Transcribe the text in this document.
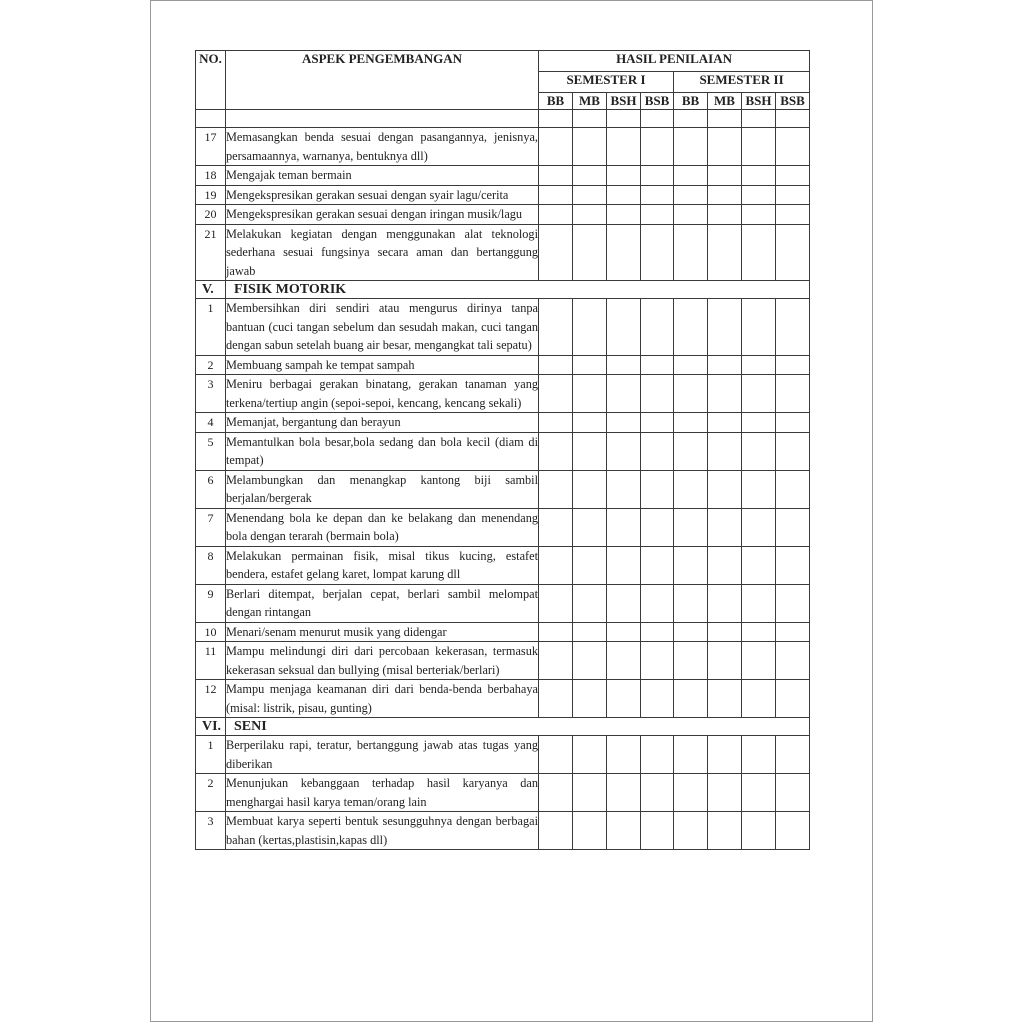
NO.	ASPEK PENGEMBANGAN	HASIL PENILAIAN							
		SEMESTER I				SEMESTER II			
		BB	MB	BSH	BSB	BB	MB	BSH	BSB

17	Memasangkan benda sesuai dengan pasangannya, jenisnya, persamaannya, warnanya, bentuknya dll)								
18	Mengajak teman bermain								
19	Mengekspresikan gerakan sesuai dengan syair lagu/cerita								
20	Mengekspresikan gerakan sesuai dengan iringan musik/lagu								
21	Melakukan kegiatan dengan menggunakan alat teknologi sederhana sesuai fungsinya secara aman dan bertanggung jawab								
V.	FISIK MOTORIK								
1	Membersihkan diri sendiri atau mengurus dirinya tanpa bantuan (cuci tangan sebelum dan sesudah makan, cuci tangan dengan sabun setelah buang air besar, mengangkat tali sepatu)								
2	Membuang sampah ke tempat sampah								
3	Meniru berbagai gerakan binatang, gerakan tanaman yang terkena/tertiup angin (sepoi-sepoi, kencang, kencang sekali)								
4	Memanjat, bergantung dan berayun								
5	Memantulkan bola besar,bola sedang dan bola kecil (diam di tempat)								
6	Melambungkan dan menangkap kantong biji sambil berjalan/bergerak								
7	Menendang bola ke depan dan ke belakang dan menendang bola dengan terarah (bermain bola)								
8	Melakukan permainan fisik, misal tikus kucing, estafet bendera, estafet gelang karet, lompat karung dll								
9	Berlari ditempat, berjalan cepat, berlari sambil melompat dengan rintangan								
10	Menari/senam menurut musik yang didengar								
11	Mampu melindungi diri dari percobaan kekerasan, termasuk kekerasan seksual dan bullying (misal berteriak/berlari)								
12	Mampu menjaga keamanan diri dari benda-benda berbahaya (misal: listrik, pisau, gunting)								
VI.	SENI								
1	Berperilaku rapi, teratur, bertanggung jawab atas tugas yang diberikan								
2	Menunjukan kebanggaan terhadap hasil karyanya dan menghargai hasil karya teman/orang lain								
3	Membuat karya seperti bentuk sesungguhnya dengan berbagai bahan (kertas,plastisin,kapas dll)								
